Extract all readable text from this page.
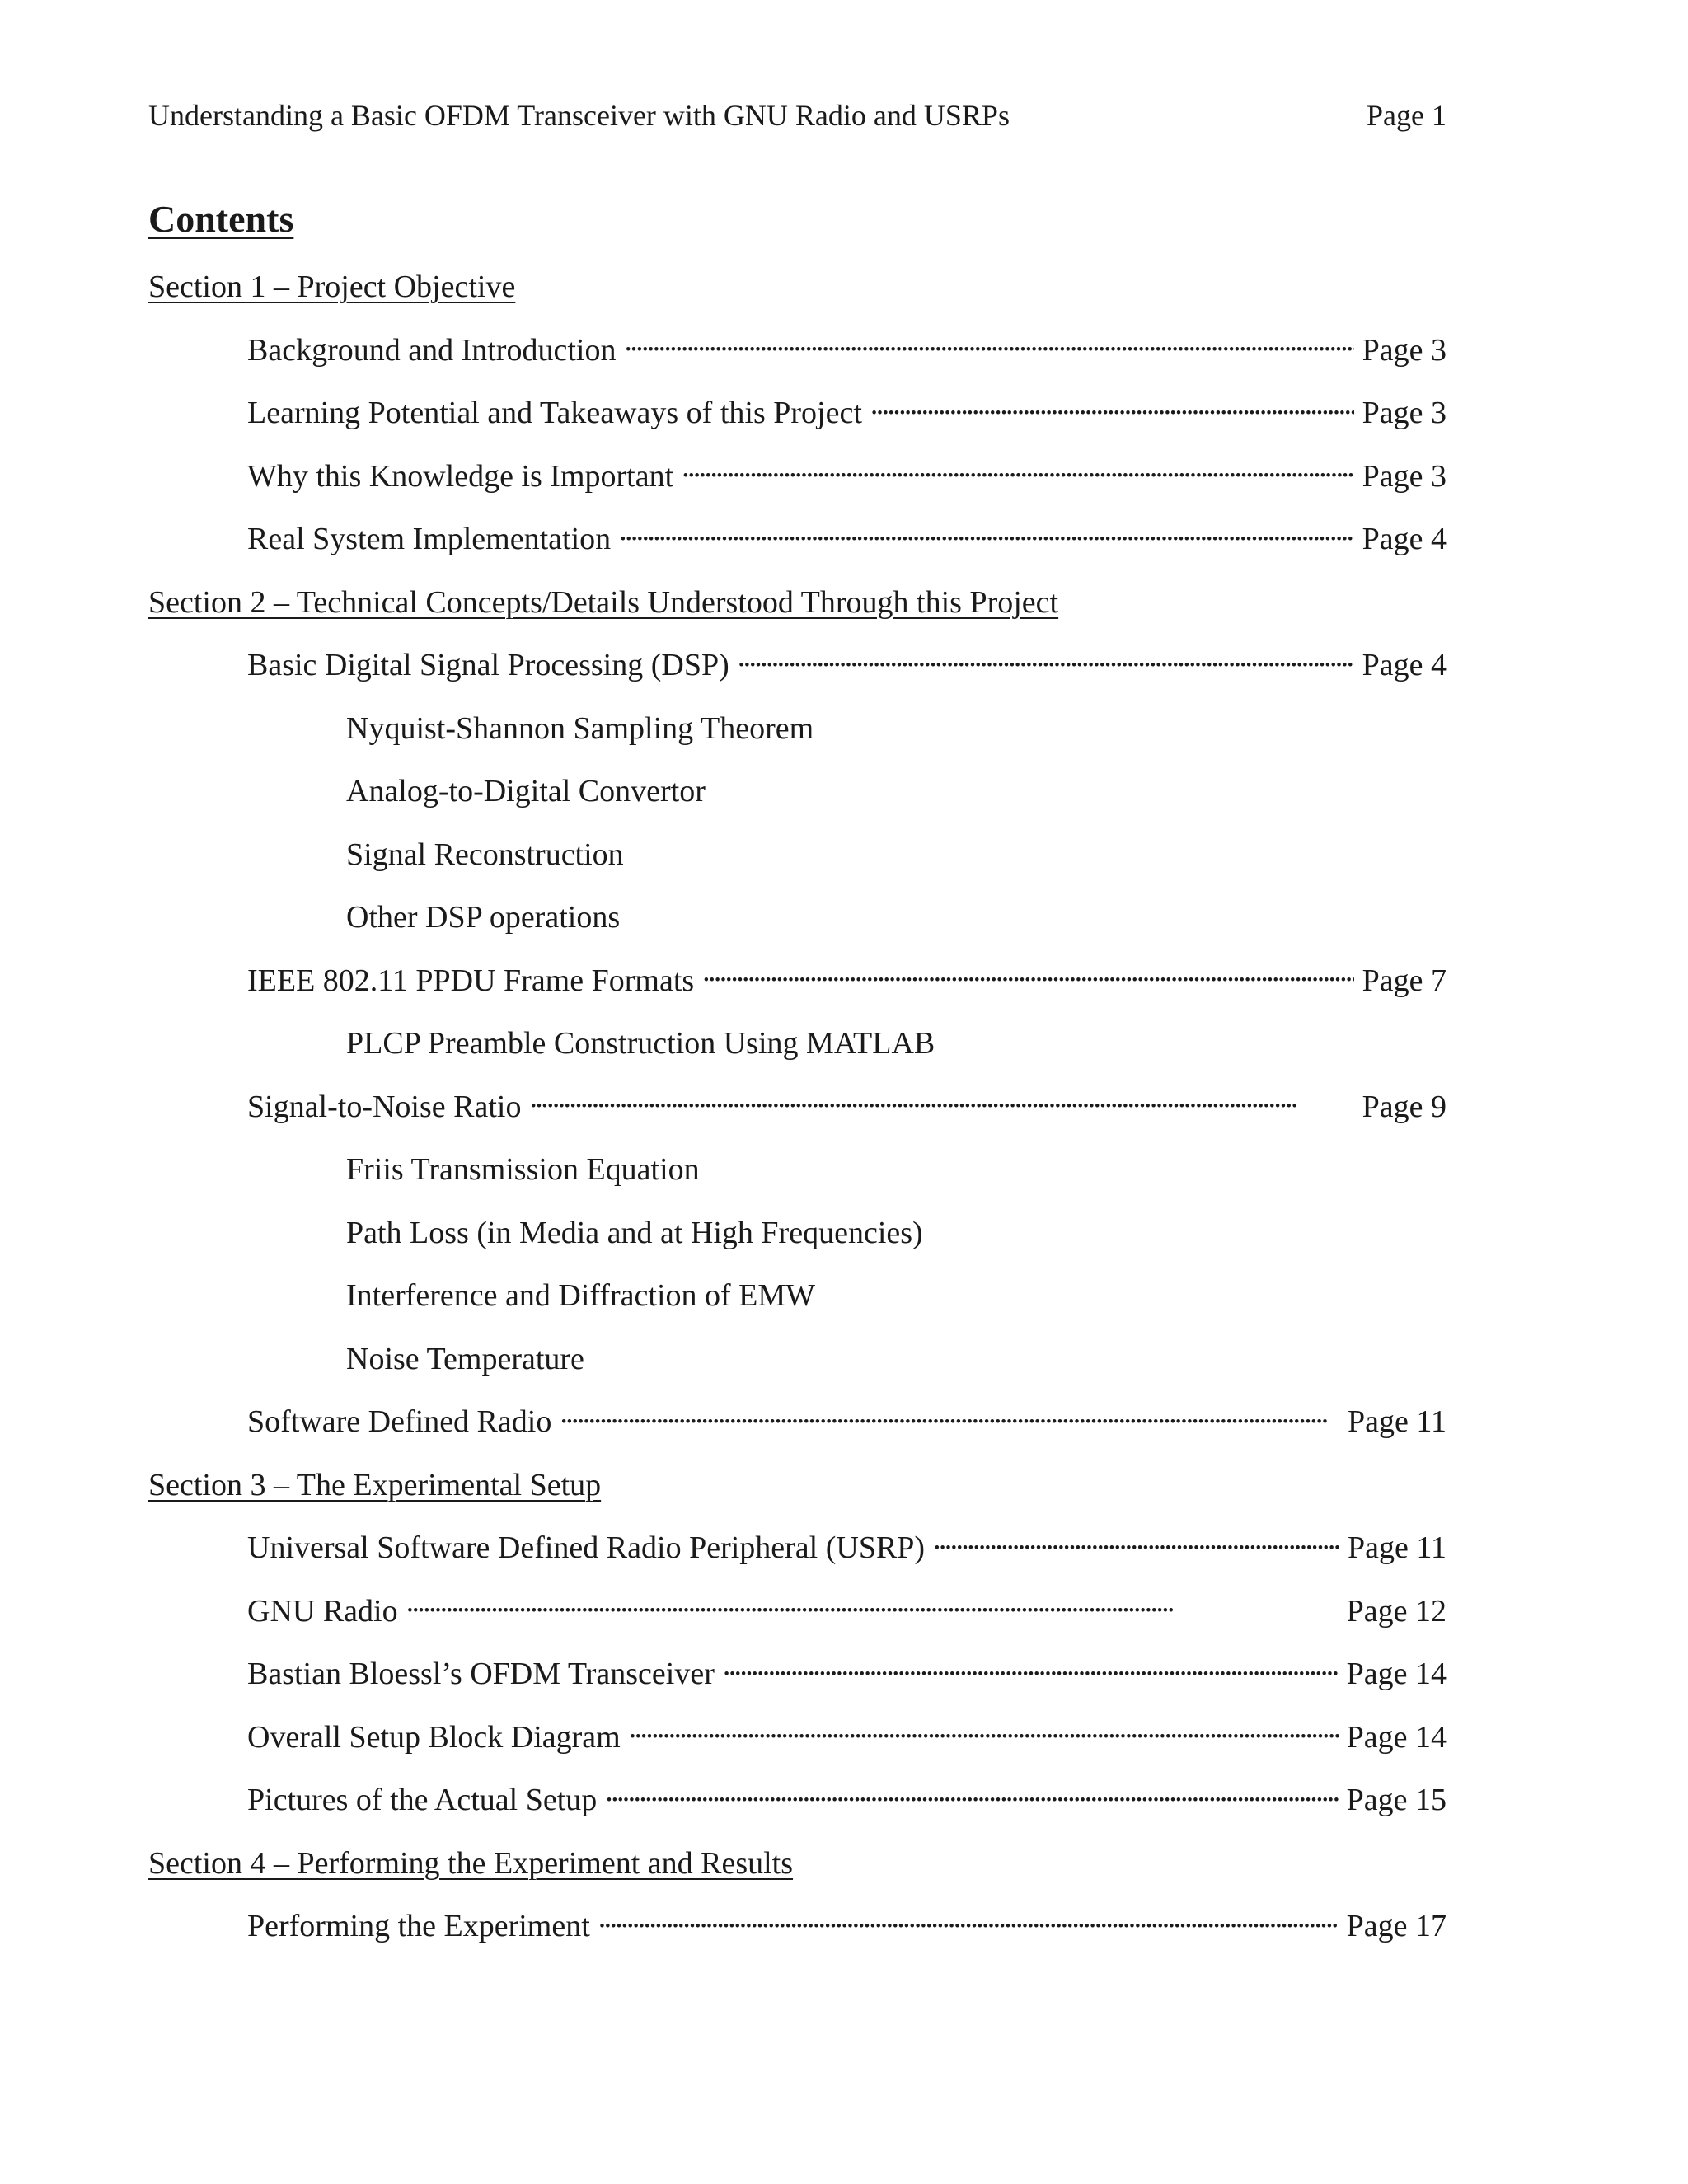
Understanding a Basic OFDM Transceiver with GNU Radio and USRPs	Page 1
Contents
Section 1 – Project Objective
Background and Introduction . . .	Page 3
Learning Potential and Takeaways of this Project . . .	Page 3
Why this Knowledge is Important . . .	Page 3
Real System Implementation . . .	Page 4
Section 2 – Technical Concepts/Details Understood Through this Project
Basic Digital Signal Processing (DSP) . . .	Page 4
Nyquist-Shannon Sampling Theorem
Analog-to-Digital Convertor
Signal Reconstruction
Other DSP operations
IEEE 802.11 PPDU Frame Formats . . .	Page 7
PLCP Preamble Construction Using MATLAB
Signal-to-Noise Ratio . . .	Page 9
Friis Transmission Equation
Path Loss (in Media and at High Frequencies)
Interference and Diffraction of EMW
Noise Temperature
Software Defined Radio . . .	Page 11
Section 3 – The Experimental Setup
Universal Software Defined Radio Peripheral (USRP) . . .	Page 11
GNU Radio . . .	Page 12
Bastian Bloessl’s OFDM Transceiver . . .	Page 14
Overall Setup Block Diagram . . .	Page 14
Pictures of the Actual Setup . . .	Page 15
Section 4 – Performing the Experiment and Results
Performing the Experiment . . .	Page 17
